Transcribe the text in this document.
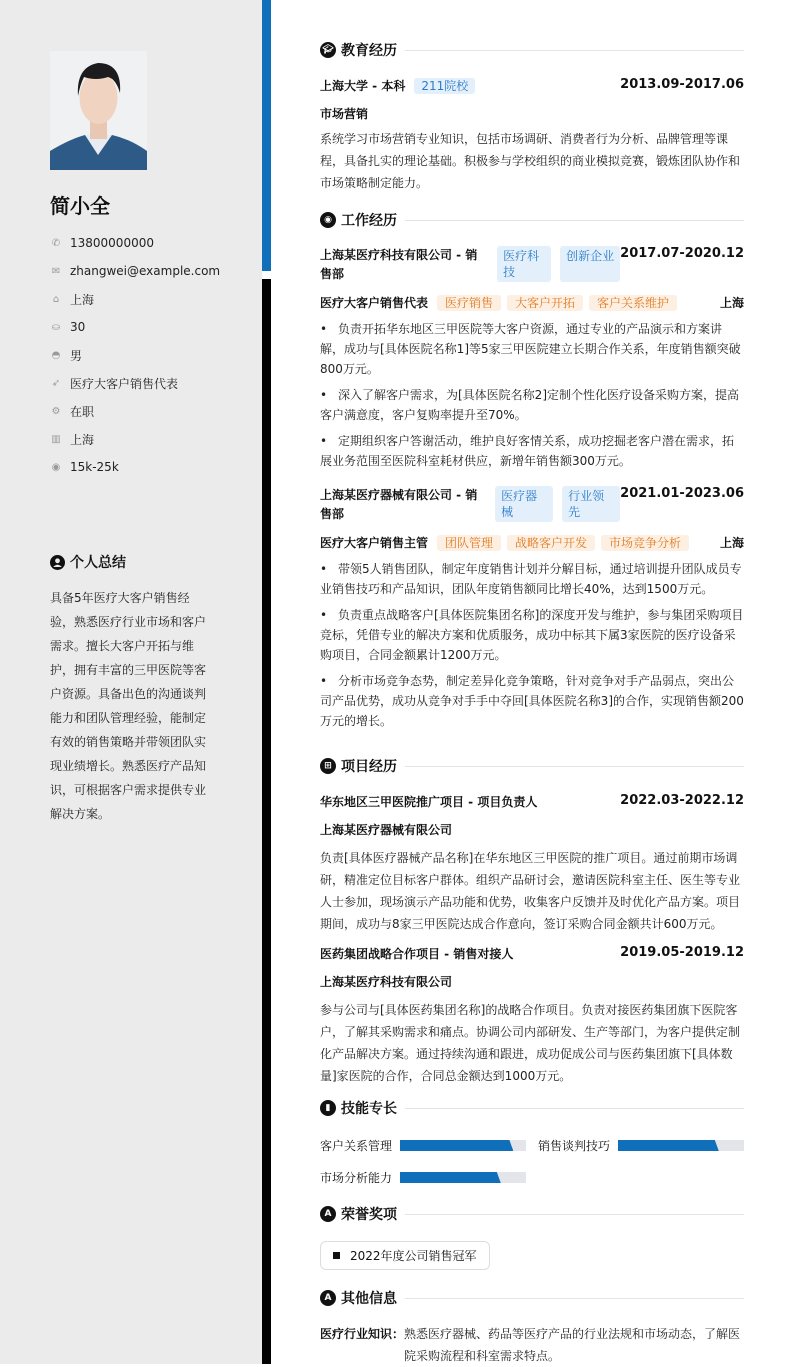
简小全
✆ 13800000000
✉ zhangwei@example.com
⌂ 上海
⛀ 30
◓ 男
➶ 医疗大客户销售代表
⚙ 在职
▥ 上海
◉ 15k-25k
个人总结
具备5年医疗大客户销售经验，熟悉医疗行业市场和客户需求。擅长大客户开拓与维护，拥有丰富的三甲医院等客户资源。具备出色的沟通谈判能力和团队管理经验，能制定有效的销售策略并带领团队实现业绩增长。熟悉医疗产品知识，可根据客户需求提供专业解决方案。
🎓︎ 教育经历
上海大学 - 本科	211院校	2013.09-2017.06
市场营销
系统学习市场营销专业知识，包括市场调研、消费者行为分析、品牌管理等课程，具备扎实的理论基础。积极参与学校组织的商业模拟竞赛，锻炼团队协作和市场策略制定能力。
◉ 工作经历
上海某医疗科技有限公司 - 销售部
医疗科技
创新企业 2017.07-2020.12
医疗大客户销售代表	医疗销售	大客户开拓	客户关系维护	上海
• 负责开拓华东地区三甲医院等大客户资源，通过专业的产品演示和方案讲解，成功与[具体医院名称1]等5家三甲医院建立长期合作关系，年度销售额突破800万元。
• 深入了解客户需求，为[具体医院名称2]定制个性化医疗设备采购方案，提高客户满意度，客户复购率提升至70%。
• 定期组织客户答谢活动，维护良好客情关系，成功挖掘老客户潜在需求，拓展业务范围至医院科室耗材供应，新增年销售额300万元。
上海某医疗器械有限公司 - 销售部
医疗器械
行业领先
2021.01-2023.06
医疗大客户销售主管	团队管理	战略客户开发	市场竞争分析	上海
• 带领5人销售团队，制定年度销售计划并分解目标，通过培训提升团队成员专业销售技巧和产品知识，团队年度销售额同比增长40%，达到1500万元。
• 负责重点战略客户[具体医院集团名称]的深度开发与维护，参与集团采购项目竞标，凭借专业的解决方案和优质服务，成功中标其下属3家医院的医疗设备采购项目，合同金额累计1200万元。
• 分析市场竞争态势，制定差异化竞争策略，针对竞争对手产品弱点，突出公司产品优势，成功从竞争对手手中夺回[具体医院名称3]的合作，实现销售额200万元的增长。
⊞ 项目经历
华东地区三甲医院推广项目 - 项目负责人	2022.03-2022.12
上海某医疗器械有限公司
负责[具体医疗器械产品名称]在华东地区三甲医院的推广项目。通过前期市场调研，精准定位目标客户群体。组织产品研讨会，邀请医院科室主任、医生等专业人士参加，现场演示产品功能和优势，收集客户反馈并及时优化产品方案。项目期间，成功与8家三甲医院达成合作意向，签订采购合同金额共计600万元。
医药集团战略合作项目 - 销售对接人	2019.05-2019.12
上海某医疗科技有限公司
参与公司与[具体医药集团名称]的战略合作项目。负责对接医药集团旗下医院客户，了解其采购需求和痛点。协调公司内部研发、生产等部门，为客户提供定制化产品解决方案。通过持续沟通和跟进，成功促成公司与医药集团旗下[具体数量]家医院的合作，合同总金额达到1000万元。
▮ 技能专长
客户关系管理	销售谈判技巧
市场分析能力
A 荣誉奖项
2022年度公司销售冠军
A 其他信息
医疗行业知识： 熟悉医疗器械、药品等医疗产品的行业法规和市场动态，了解医院采购流程和科室需求特点。
